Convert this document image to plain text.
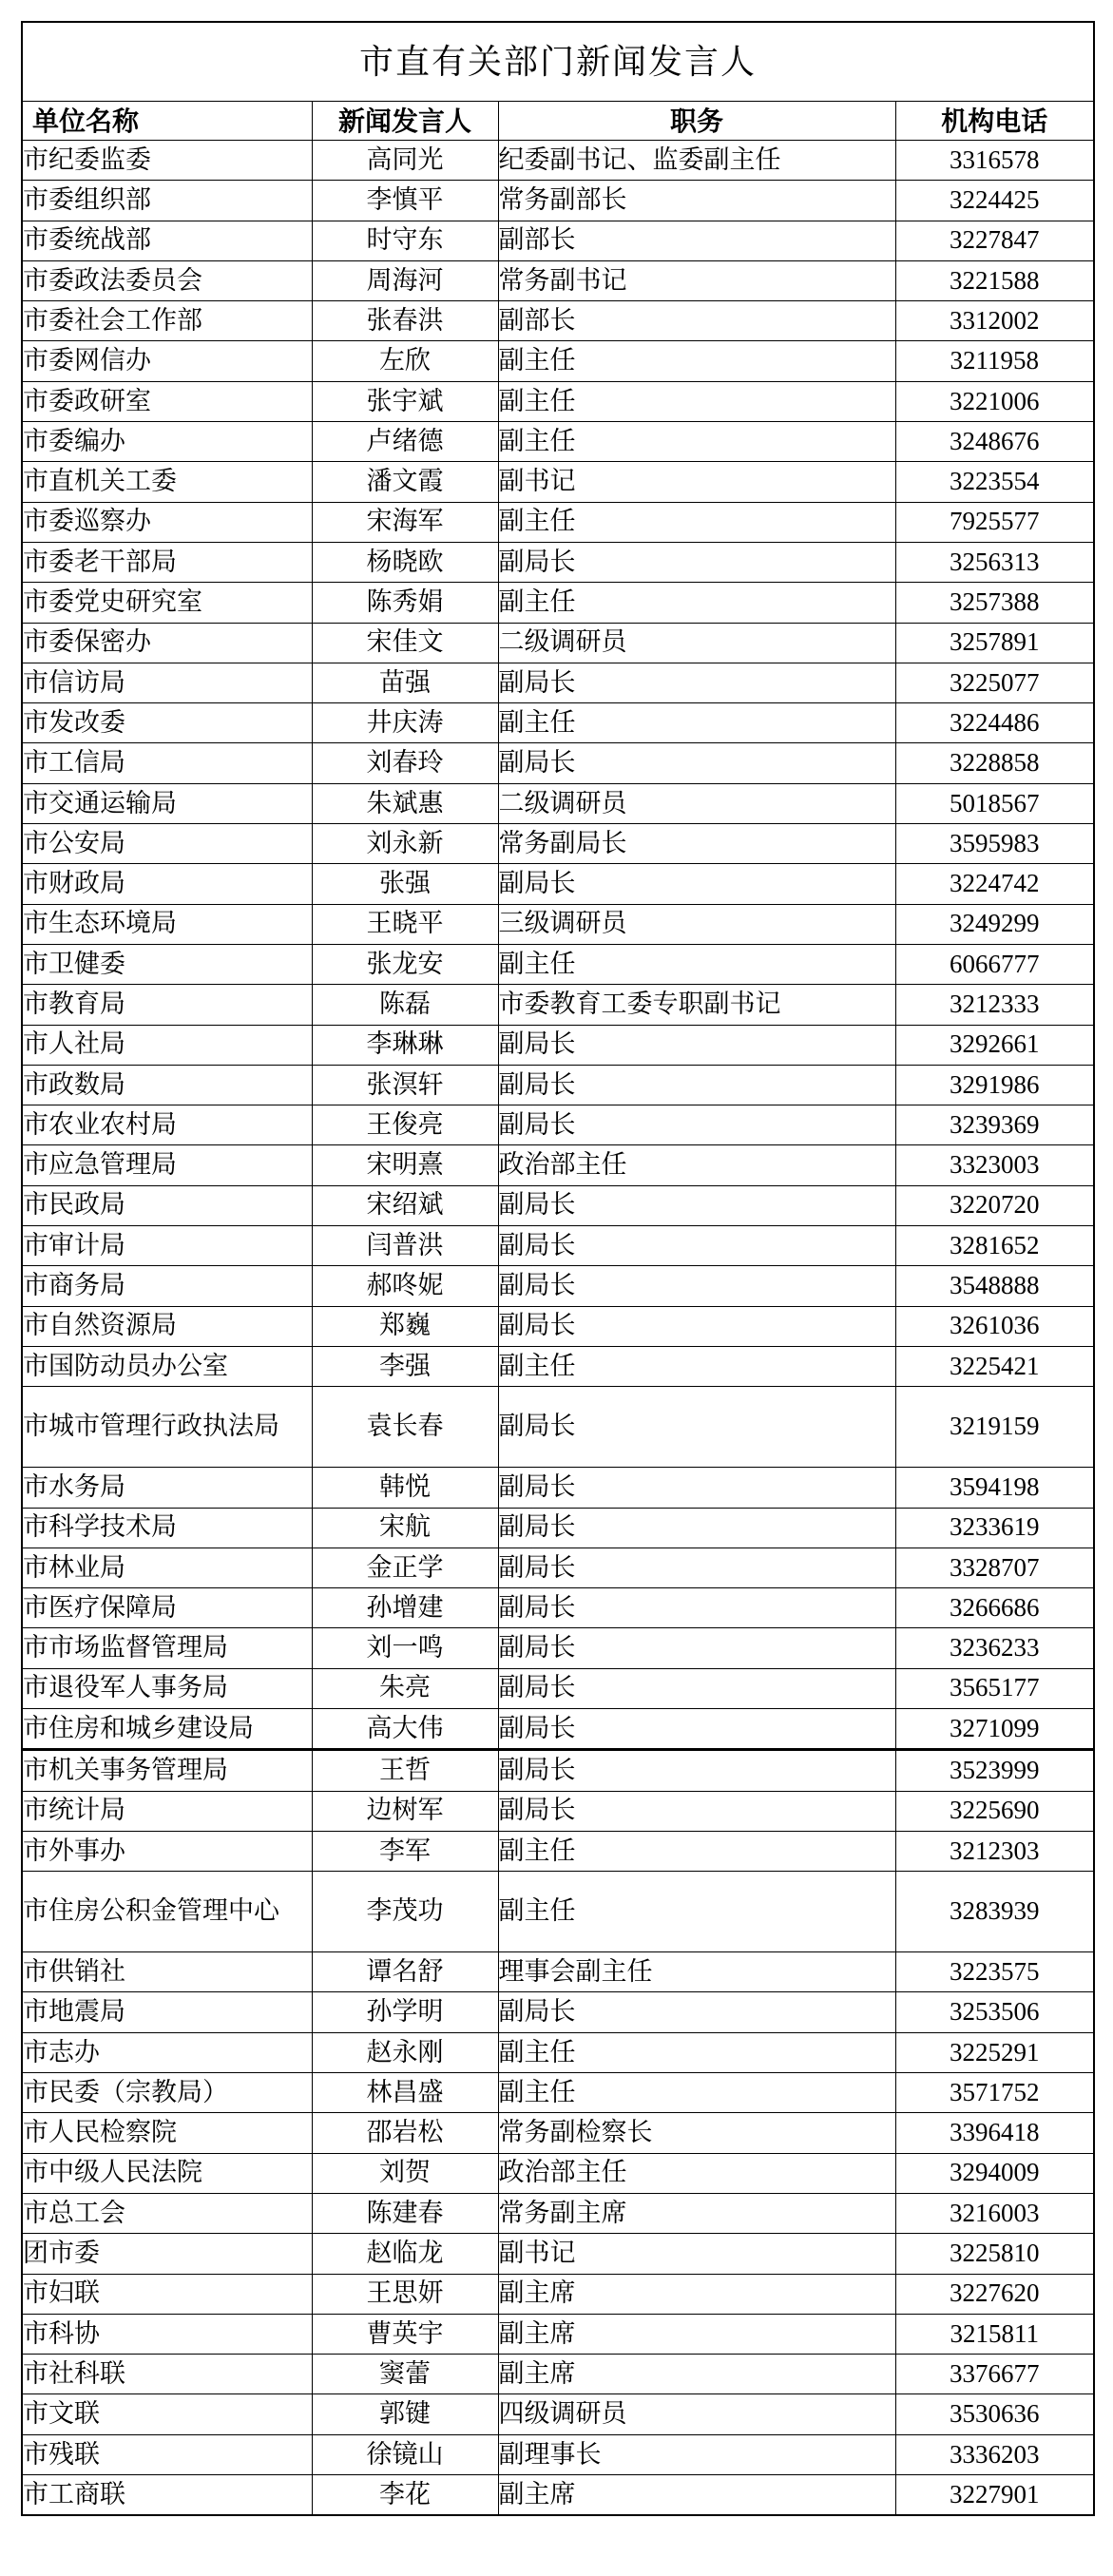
市直有关部门新闻发言人			
单位名称	新闻发言人	职务	机构电话
市纪委监委	高同光	纪委副书记、监委副主任	3316578
市委组织部	李慎平	常务副部长	3224425
市委统战部	时守东	副部长	3227847
市委政法委员会	周海河	常务副书记	3221588
市委社会工作部	张春洪	副部长	3312002
市委网信办	左欣	副主任	3211958
市委政研室	张宇斌	副主任	3221006
市委编办	卢绪德	副主任	3248676
市直机关工委	潘文霞	副书记	3223554
市委巡察办	宋海军	副主任	7925577
市委老干部局	杨晓欧	副局长	3256313
市委党史研究室	陈秀娟	副主任	3257388
市委保密办	宋佳文	二级调研员	3257891
市信访局	苗强	副局长	3225077
市发改委	井庆涛	副主任	3224486
市工信局	刘春玲	副局长	3228858
市交通运输局	朱斌惠	二级调研员	5018567
市公安局	刘永新	常务副局长	3595983
市财政局	张强	副局长	3224742
市生态环境局	王晓平	三级调研员	3249299
市卫健委	张龙安	副主任	6066777
市教育局	陈磊	市委教育工委专职副书记	3212333
市人社局	李琳琳	副局长	3292661
市政数局	张溟轩	副局长	3291986
市农业农村局	王俊亮	副局长	3239369
市应急管理局	宋明熹	政治部主任	3323003
市民政局	宋绍斌	副局长	3220720
市审计局	闫普洪	副局长	3281652
市商务局	郝咚妮	副局长	3548888
市自然资源局	郑巍	副局长	3261036
市国防动员办公室	李强	副主任	3225421
市城市管理行政执法局	袁长春	副局长	3219159
市水务局	韩悦	副局长	3594198
市科学技术局	宋航	副局长	3233619
市林业局	金正学	副局长	3328707
市医疗保障局	孙增建	副局长	3266686
市市场监督管理局	刘一鸣	副局长	3236233
市退役军人事务局	朱亮	副局长	3565177
市住房和城乡建设局	高大伟	副局长	3271099
市机关事务管理局	王哲	副局长	3523999
市统计局	边树军	副局长	3225690
市外事办	李军	副主任	3212303
市住房公积金管理中心	李茂功	副主任	3283939
市供销社	谭名舒	理事会副主任	3223575
市地震局	孙学明	副局长	3253506
市志办	赵永刚	副主任	3225291
市民委（宗教局）	林昌盛	副主任	3571752
市人民检察院	邵岩松	常务副检察长	3396418
市中级人民法院	刘贺	政治部主任	3294009
市总工会	陈建春	常务副主席	3216003
团市委	赵临龙	副书记	3225810
市妇联	王思妍	副主席	3227620
市科协	曹英宇	副主席	3215811
市社科联	窦蕾	副主席	3376677
市文联	郭键	四级调研员	3530636
市残联	徐镜山	副理事长	3336203
市工商联	李花	副主席	3227901
